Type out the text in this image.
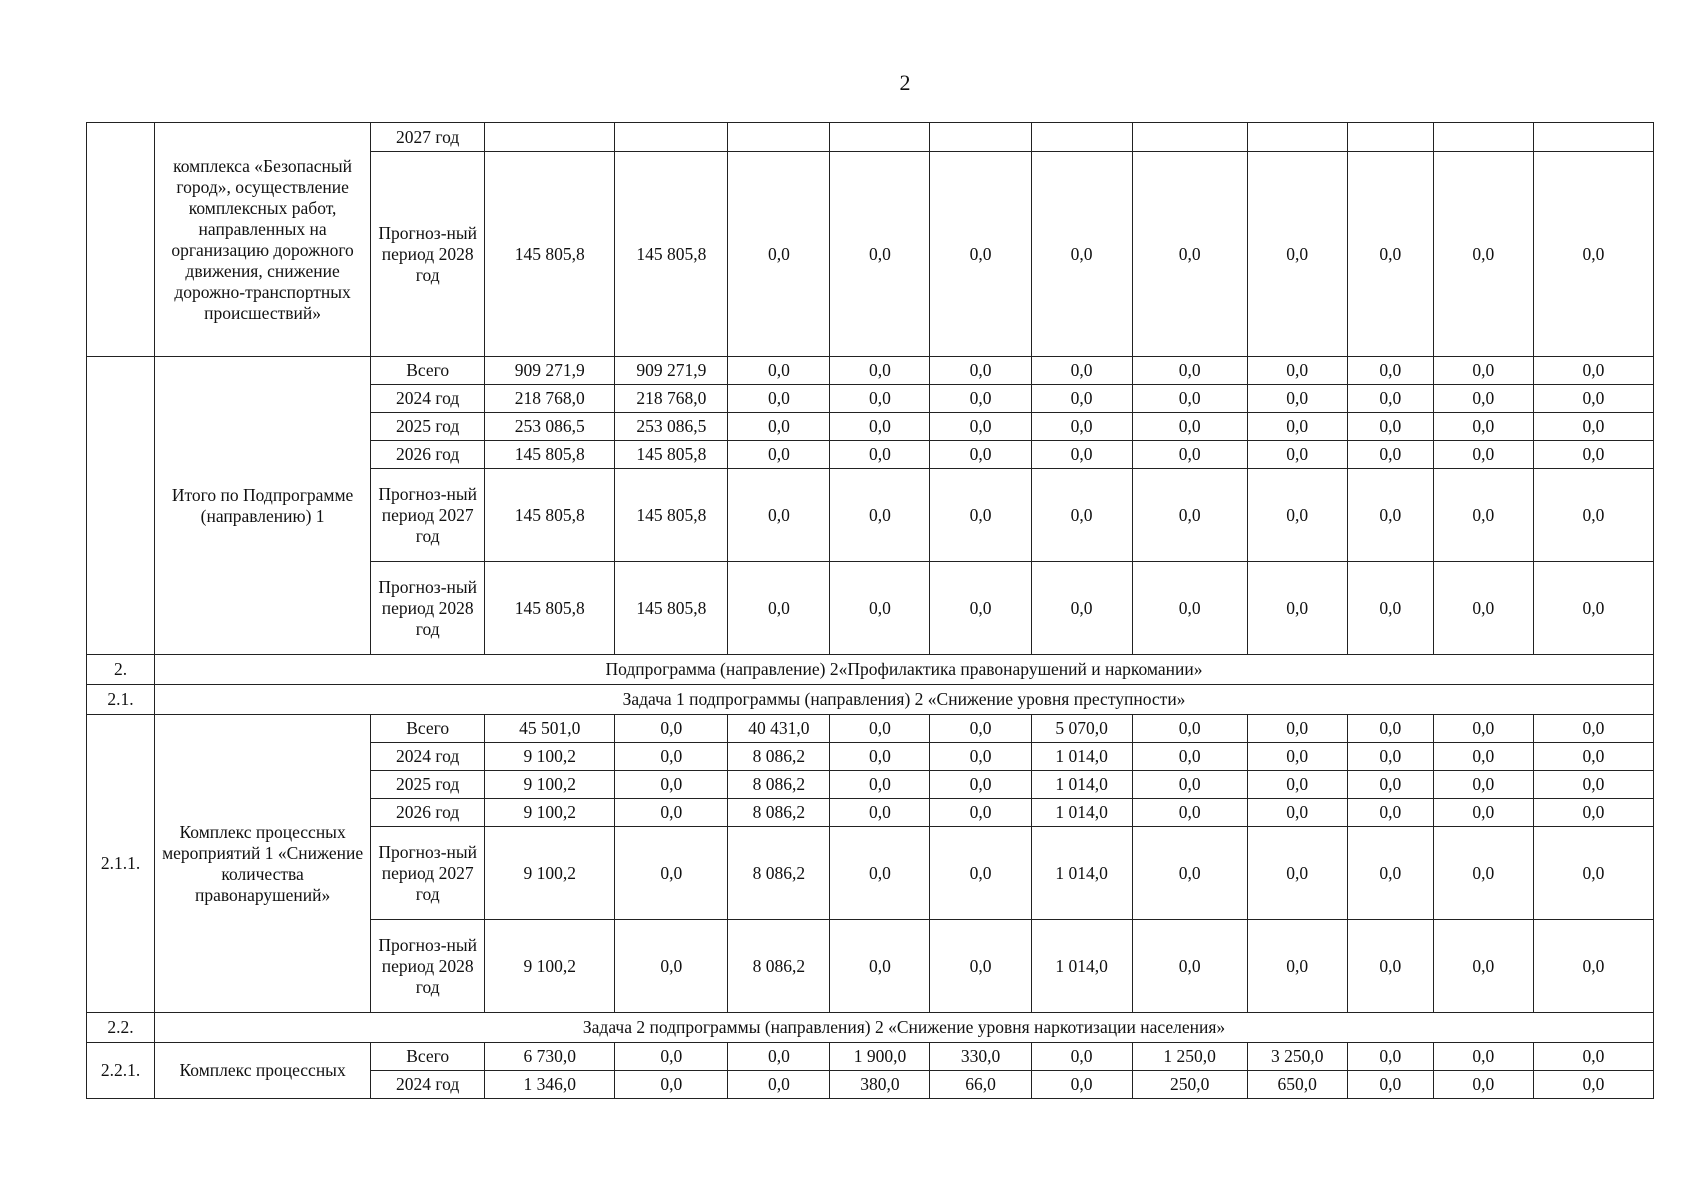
2
	комплекса «Безопасный город», осуществление комплексных работ, направленных на организацию дорожного движения, снижение дорожно-транспортных происшествий»	2027 год											
		Прогноз-ный период 2028 год	145 805,8	145 805,8	0,0	0,0	0,0	0,0	0,0	0,0	0,0	0,0	0,0
	Итого по Подпрограмме (направлению) 1	Всего	909 271,9	909 271,9	0,0	0,0	0,0	0,0	0,0	0,0	0,0	0,0	0,0
		2024 год	218 768,0	218 768,0	0,0	0,0	0,0	0,0	0,0	0,0	0,0	0,0	0,0
		2025 год	253 086,5	253 086,5	0,0	0,0	0,0	0,0	0,0	0,0	0,0	0,0	0,0
		2026 год	145 805,8	145 805,8	0,0	0,0	0,0	0,0	0,0	0,0	0,0	0,0	0,0
		Прогноз-ный период 2027 год	145 805,8	145 805,8	0,0	0,0	0,0	0,0	0,0	0,0	0,0	0,0	0,0
		Прогноз-ный период 2028 год	145 805,8	145 805,8	0,0	0,0	0,0	0,0	0,0	0,0	0,0	0,0	0,0
2.	Подпрограмма (направление) 2«Профилактика правонарушений и наркомании»												
2.1.	Задача 1 подпрограммы (направления) 2 «Снижение уровня преступности»												
2.1.1.	Комплекс процессных мероприятий 1 «Снижение количества правонарушений»	Всего	45 501,0	0,0	40 431,0	0,0	0,0	5 070,0	0,0	0,0	0,0	0,0	0,0
		2024 год	9 100,2	0,0	8 086,2	0,0	0,0	1 014,0	0,0	0,0	0,0	0,0	0,0
		2025 год	9 100,2	0,0	8 086,2	0,0	0,0	1 014,0	0,0	0,0	0,0	0,0	0,0
		2026 год	9 100,2	0,0	8 086,2	0,0	0,0	1 014,0	0,0	0,0	0,0	0,0	0,0
		Прогноз-ный период 2027 год	9 100,2	0,0	8 086,2	0,0	0,0	1 014,0	0,0	0,0	0,0	0,0	0,0
		Прогноз-ный период 2028 год	9 100,2	0,0	8 086,2	0,0	0,0	1 014,0	0,0	0,0	0,0	0,0	0,0
2.2.	Задача 2 подпрограммы (направления) 2 «Снижение уровня наркотизации населения»												
2.2.1.	Комплекс процессных	Всего	6 730,0	0,0	0,0	1 900,0	330,0	0,0	1 250,0	3 250,0	0,0	0,0	0,0
		2024 год	1 346,0	0,0	0,0	380,0	66,0	0,0	250,0	650,0	0,0	0,0	0,0
